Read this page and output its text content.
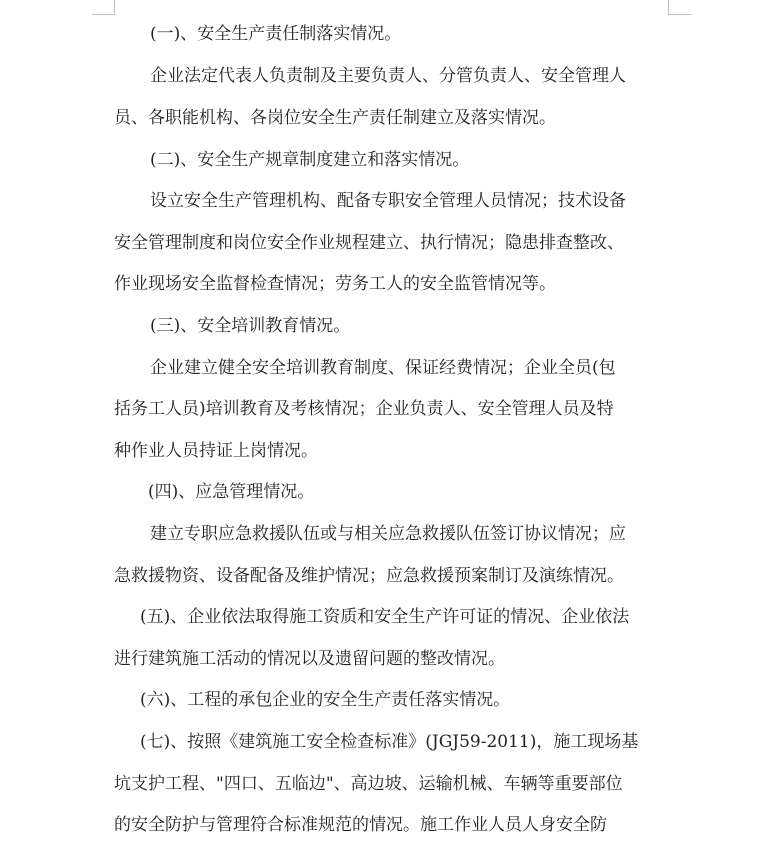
(一)、安全生产责任制落实情况。
企业法定代表人负责制及主要负责人、分管负责人、安全管理人
员、各职能机构、各岗位安全生产责任制建立及落实情况。
(二)、安全生产规章制度建立和落实情况。
设立安全生产管理机构、配备专职安全管理人员情况；技术设备
安全管理制度和岗位安全作业规程建立、执行情况；隐患排查整改、
作业现场安全监督检查情况；劳务工人的安全监管情况等。
(三)、安全培训教育情况。
企业建立健全安全培训教育制度、保证经费情况；企业全员(包
括务工人员)培训教育及考核情况；企业负责人、安全管理人员及特
种作业人员持证上岗情况。
(四)、应急管理情况。
建立专职应急救援队伍或与相关应急救援队伍签订协议情况；应
急救援物资、设备配备及维护情况；应急救援预案制订及演练情况。
(五)、企业依法取得施工资质和安全生产许可证的情况、企业依法
进行建筑施工活动的情况以及遗留问题的整改情况。
(六)、工程的承包企业的安全生产责任落实情况。
(七)、按照《建筑施工安全检查标准》(JGJ59-2011)，施工现场基
坑支护工程、"四口、五临边"、高边坡、运输机械、车辆等重要部位
的安全防护与管理符合标准规范的情况。施工作业人员人身安全防
